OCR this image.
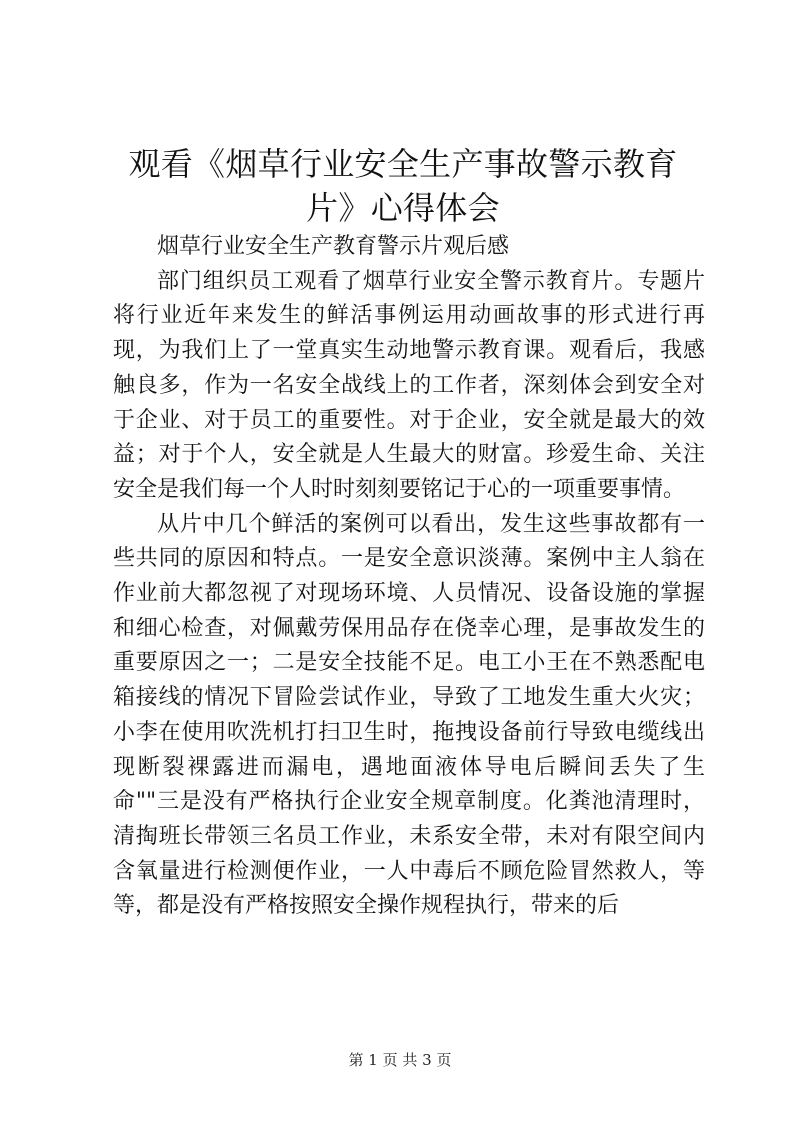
观看《烟草行业安全生产事故警示教育片》心得体会

烟草行业安全生产教育警示片观后感

部门组织员工观看了烟草行业安全警示教育片。专题片将行业近年来发生的鲜活事例运用动画故事的形式进行再现，为我们上了一堂真实生动地警示教育课。观看后，我感触良多，作为一名安全战线上的工作者，深刻体会到安全对于企业、对于员工的重要性。对于企业，安全就是最大的效益；对于个人，安全就是人生最大的财富。珍爱生命、关注安全是我们每一个人时时刻刻要铭记于心的一项重要事情。

从片中几个鲜活的案例可以看出，发生这些事故都有一些共同的原因和特点。一是安全意识淡薄。案例中主人翁在作业前大都忽视了对现场环境、人员情况、设备设施的掌握和细心检查，对佩戴劳保用品存在侥幸心理，是事故发生的重要原因之一；二是安全技能不足。电工小王在不熟悉配电箱接线的情况下冒险尝试作业，导致了工地发生重大火灾；小李在使用吹洗机打扫卫生时，拖拽设备前行导致电缆线出现断裂裸露进而漏电，遇地面液体导电后瞬间丢失了生命""三是没有严格执行企业安全规章制度。化粪池清理时，清掏班长带领三名员工作业，未系安全带，未对有限空间内含氧量进行检测便作业，一人中毒后不顾危险冒然救人，等等，都是没有严格按照安全操作规程执行，带来的后

第 1 页 共 3 页
